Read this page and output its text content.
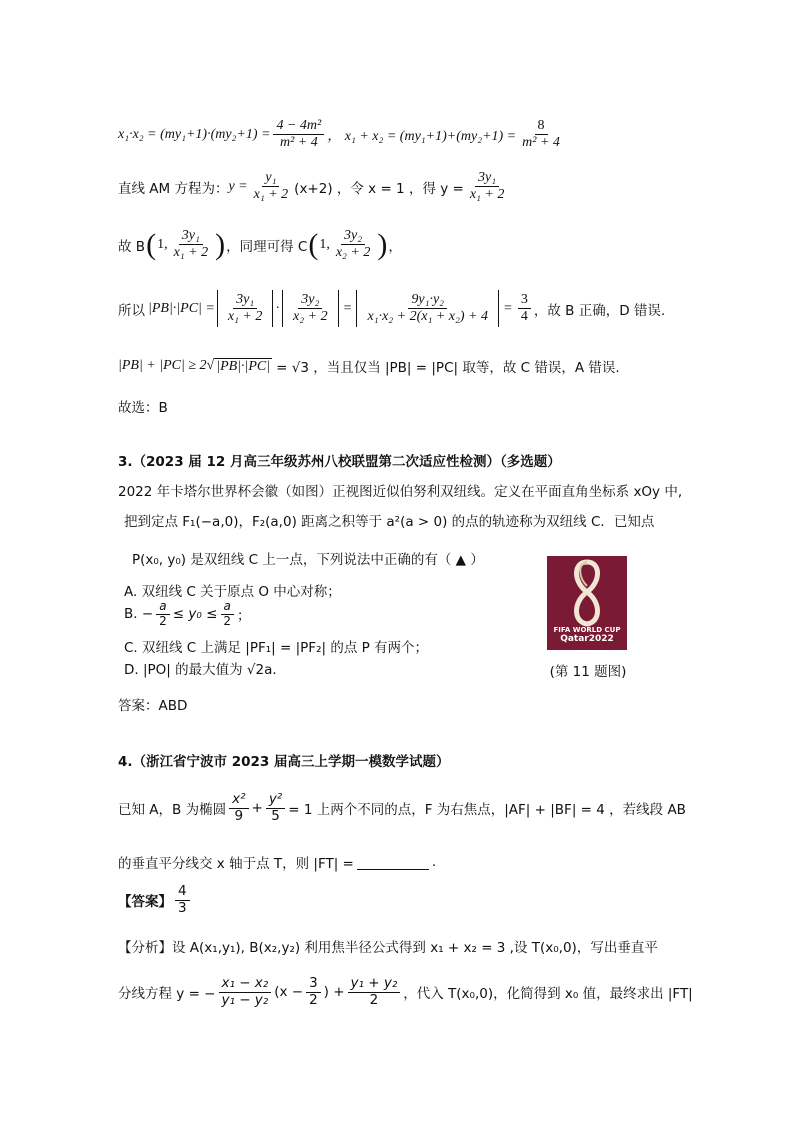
$x_1\cdot x_2 = (my_1+1)\cdot(my_2+1) = \frac{\text{4 − 4m²}}{\text{m² + 4}}$ ， $x_1 + x_2 = (my_1+1)+(my_2+1) = \frac{8}{\text{m² + 4}}$
直线 AM 方程为： $y = \frac{\text{y₁}}{\text{x₁ + 2}} (x+2)$ ，令 x = 1 ，得 $y = \frac{\text{3y₁}}{\text{x₁ + 2}}$
故 B ( 1, $\frac{\text{3y₁}}{\text{x₁ + 2}}$ ) ，同理可得 C ( 1, $\frac{\text{3y₂}}{\text{x₂ + 2}}$ ) ，
所以 $|PB|\cdot|PC| = \frac{\text{3y₁}}{\text{x₁ + 2}} \cdot \frac{\text{3y₂}}{\text{x₂ + 2}} = \frac{\text{9y₁·y₂}}{\text{x₁·x₂ + 2(x₁ + x₂) + 4}} = \frac{3}{4}$ ，故 B 正确，D 错误.
|PB| + |PC| ≥ 2 √ |PB|·|PC| = √3 ，当且仅当 |PB| = |PC| 取等，故 C 错误，A 错误.
故选：B
3.（2023 届 12 月高三年级苏州八校联盟第二次适应性检测）（多选题）
2022 年卡塔尔世界杯会徽（如图）正视图近似伯努利双纽线。定义在平面直角坐标系 xOy 中,
把到定点 F₁(−a,0)，F₂(a,0) 距离之积等于 a²(a > 0) 的点的轨迹称为双纽线 C．已知点
P(x₀, y₀) 是双纽线 C 上一点，下列说法中正确的有（ ▲ ）
A. 双纽线 C 关于原点 O 中心对称；
B. − $\frac{a}{2} \le y_0 \le \frac{a}{2}$ ；
C. 双纽线 C 上满足 |PF₁| = |PF₂| 的点 P 有两个；
D. |PO| 的最大值为 √2a．
FIFA WORLD CUP
Qatar2022
(第 11 题图)
答案：ABD
4.（浙江省宁波市 2023 届高三上学期一模数学试题）
已知 A，B 为椭圆 $\frac{\text{x²}}{9} + \frac{\text{y²}}{5} = 1$ 上两个不同的点，F 为右焦点，|AF| + |BF| = 4 ，若线段 AB
的垂直平分线交 x 轴于点 T，则 |FT| =	.
【答案】 $\frac{4}{3}$
【分析】设 A(x₁,y₁), B(x₂,y₂) 利用焦半径公式得到 x₁ + x₂ = 3 ,设 T(x₀,0)，写出垂直平
分线方程 y = − $\frac{\text{x₁ − x₂}}{\text{y₁ − y₂}} (x - \frac{3}{2}$ ) + $\frac{\text{y₁ + y₂}}{2}$ ，代入 T(x₀,0)，化简得到 x₀ 值，最终求出 |FT|
